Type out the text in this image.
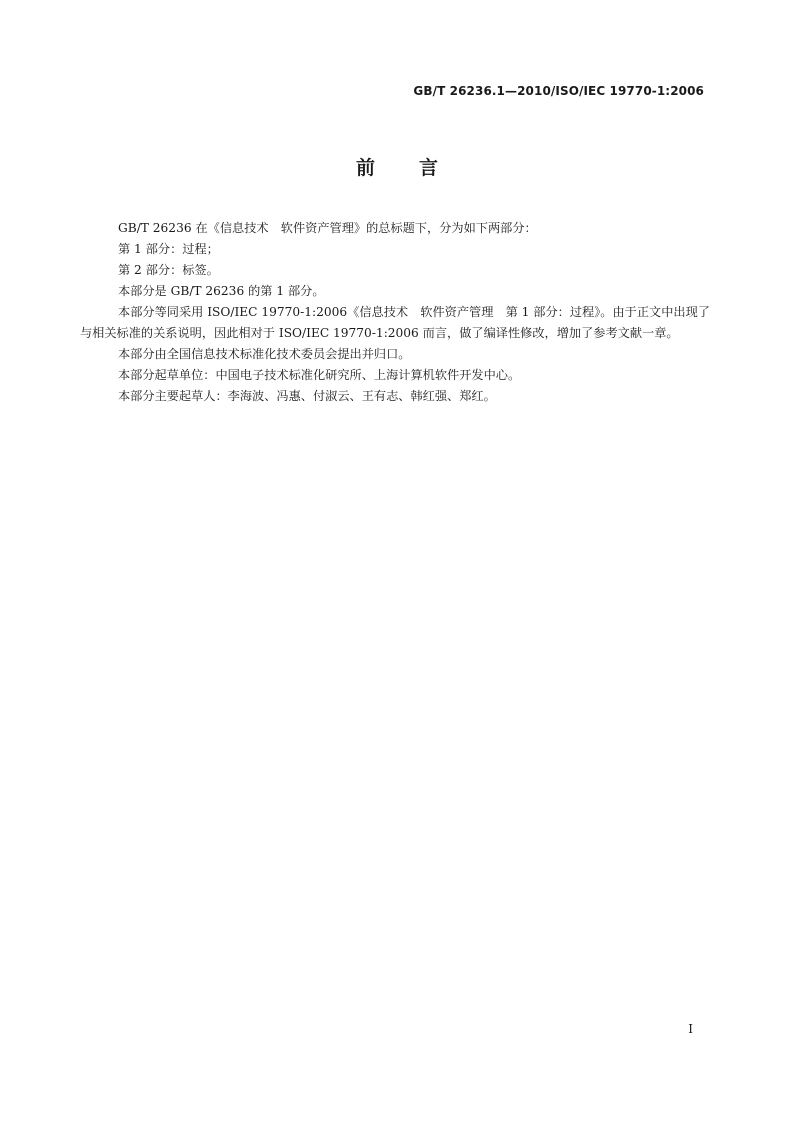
GB/T 26236.1—2010/ISO/IEC 19770-1:2006
前 言

GB/T 26236 在《信息技术　软件资产管理》的总标题下，分为如下两部分：

第 1 部分：过程；

第 2 部分：标签。

本部分是 GB/T 26236 的第 1 部分。

本部分等同采用 ISO/IEC 19770-1:2006《信息技术　软件资产管理　第 1 部分：过程》。由于正文中出现了与相关标准的关系说明，因此相对于 ISO/IEC 19770-1:2006 而言，做了编译性修改，增加了参考文献一章。

本部分由全国信息技术标准化技术委员会提出并归口。

本部分起草单位：中国电子技术标准化研究所、上海计算机软件开发中心。

本部分主要起草人：李海波、冯惠、付淑云、王有志、韩红强、郑红。

I
